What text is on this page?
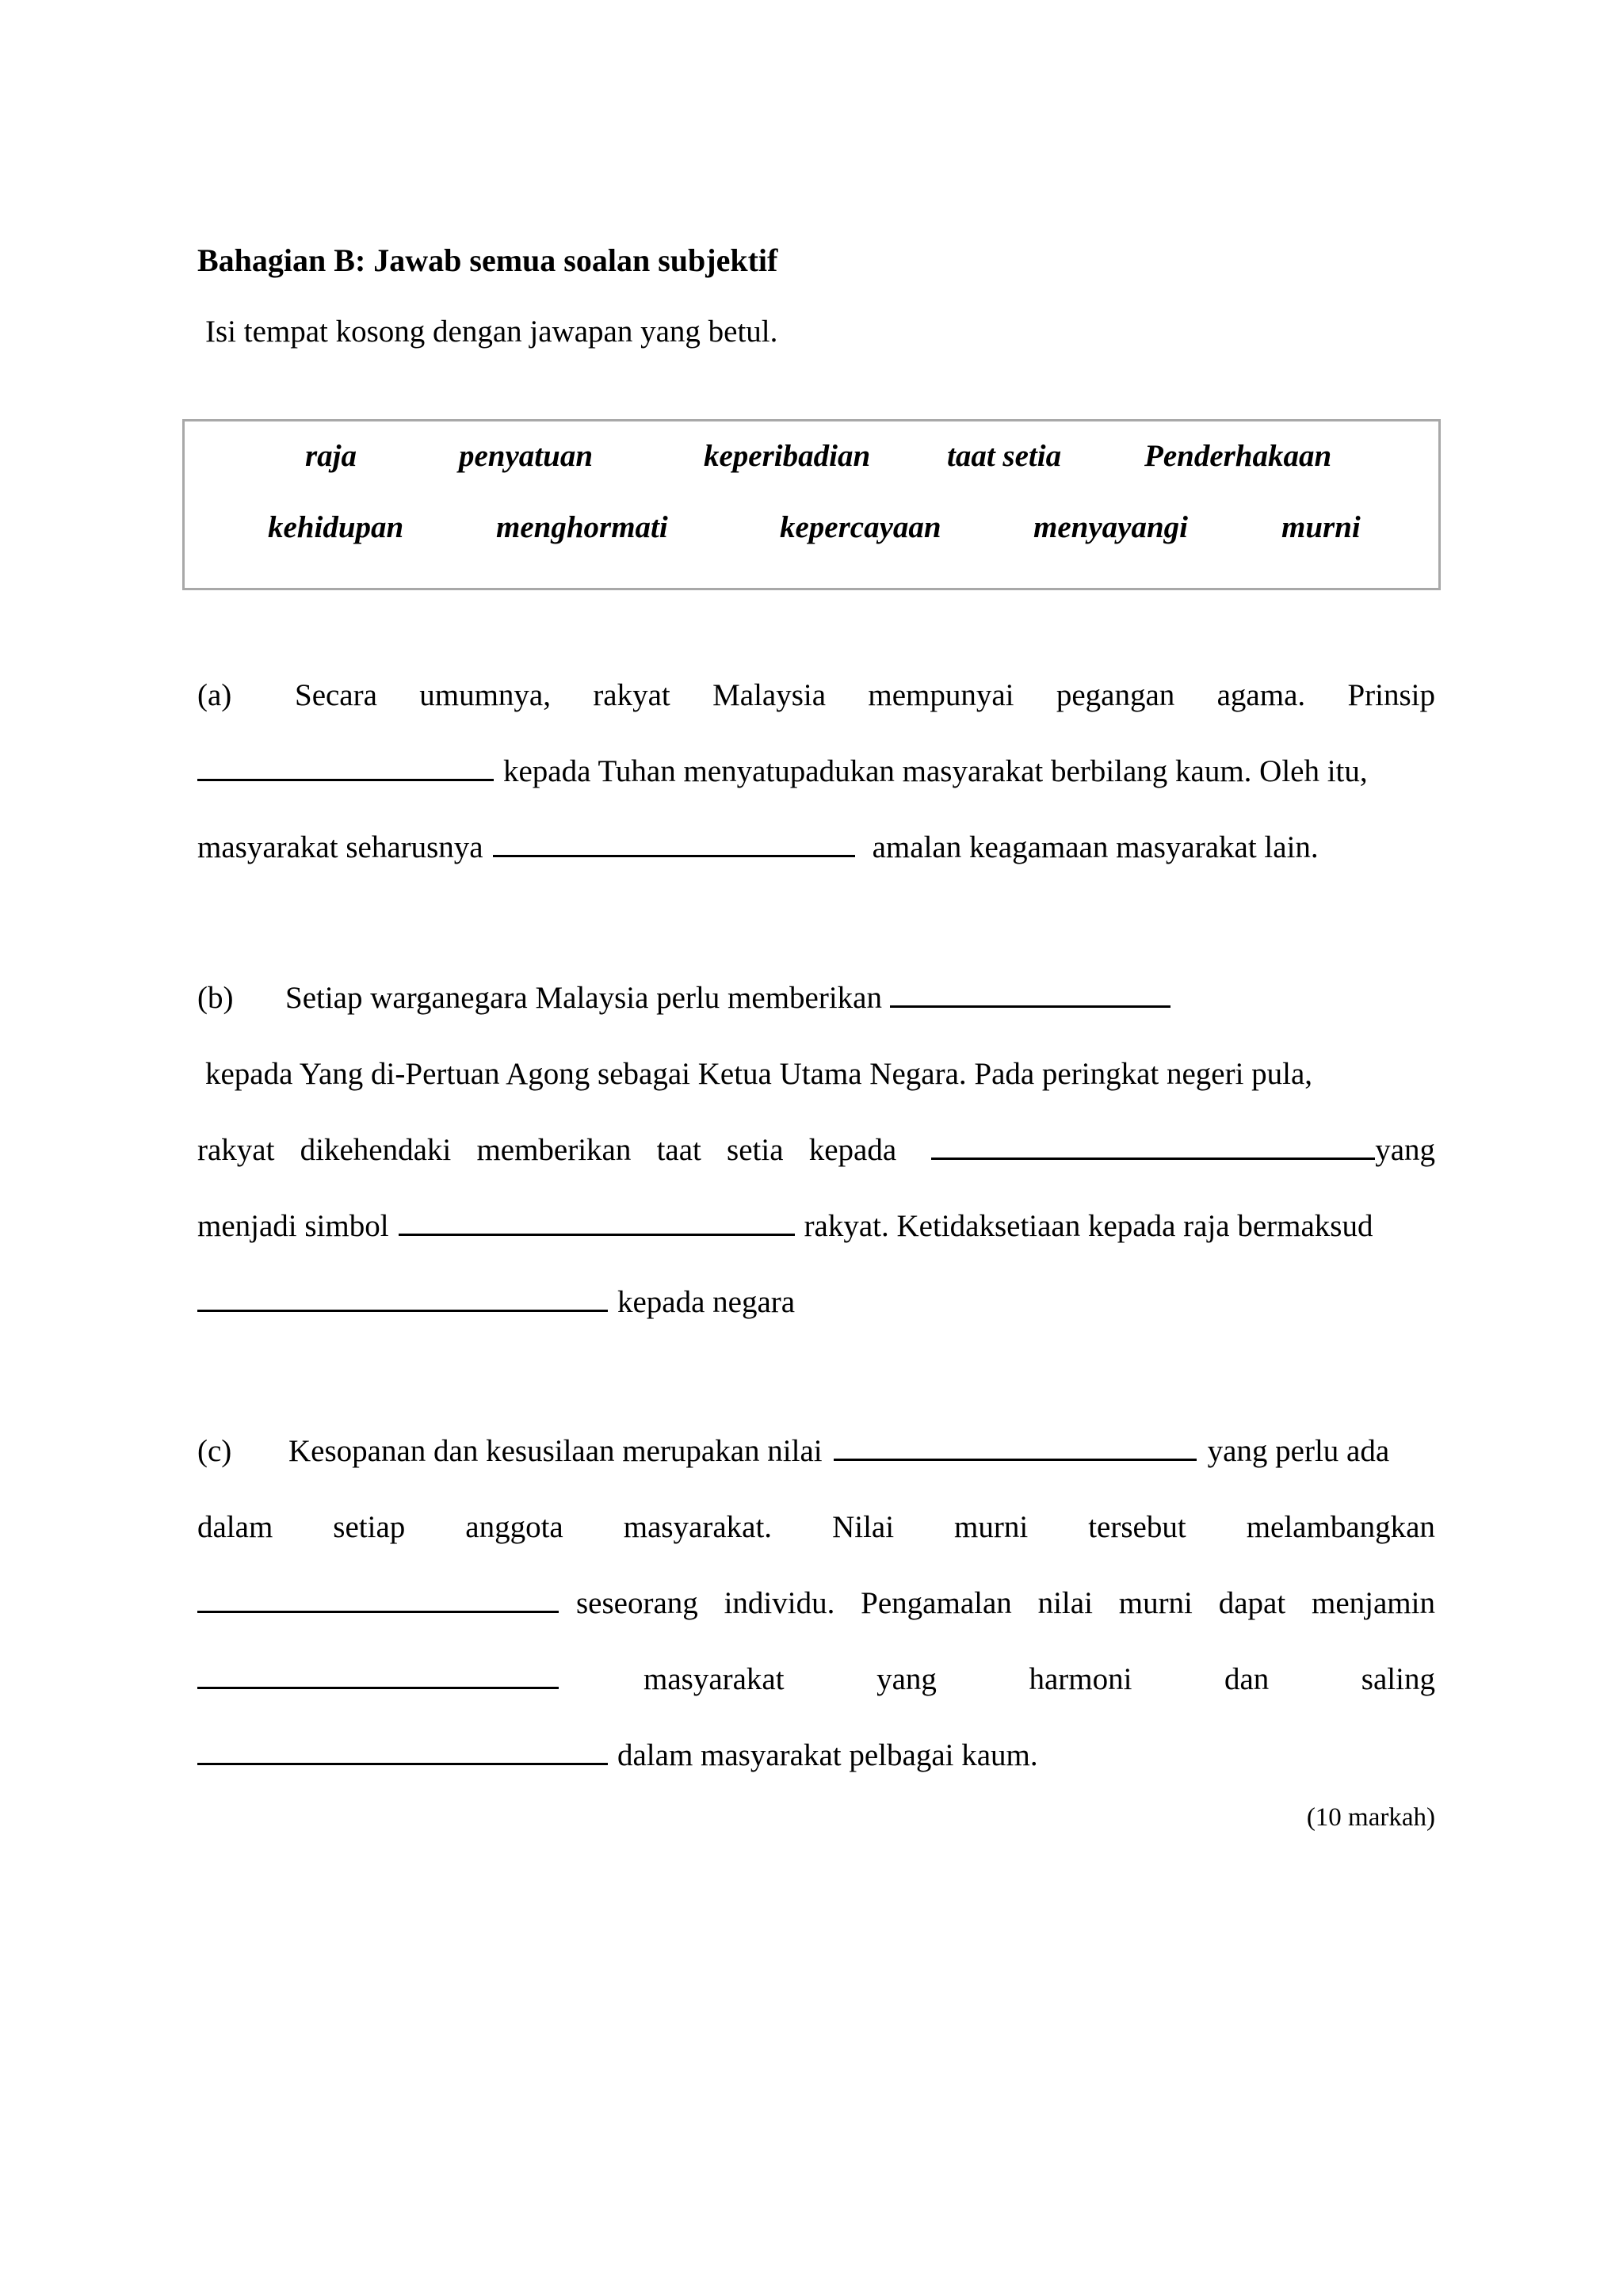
Bahagian B: Jawab semua soalan subjektif
Isi tempat kosong dengan jawapan yang betul.
raja	penyatuan	keperibadian taat setia	Penderhakaan
kehidupan	menghormati	kepercayaan	menyayangi	murni
(a)	Secara umumnya, rakyat Malaysia mempunyai pegangan agama. Prinsip
kepada Tuhan menyatupadukan masyarakat berbilang kaum. Oleh itu,
masyarakat seharusnya	amalan keagamaan masyarakat lain.
(b)	Setiap warganegara Malaysia perlu memberikan
kepada Yang di-Pertuan Agong sebagai Ketua Utama Negara. Pada peringkat negeri pula,
rakyat dikehendaki memberikan taat setia kepada	yang
menjadi simbol	rakyat. Ketidaksetiaan kepada raja bermaksud
kepada negara
(c)	Kesopanan dan kesusilaan merupakan nilai	yang perlu ada
dalam setiap anggota masyarakat. Nilai murni tersebut melambangkan
seseorang individu. Pengamalan nilai murni dapat menjamin
masyarakat	yang	harmoni	dan	saling
dalam masyarakat pelbagai kaum.
(10 markah)
